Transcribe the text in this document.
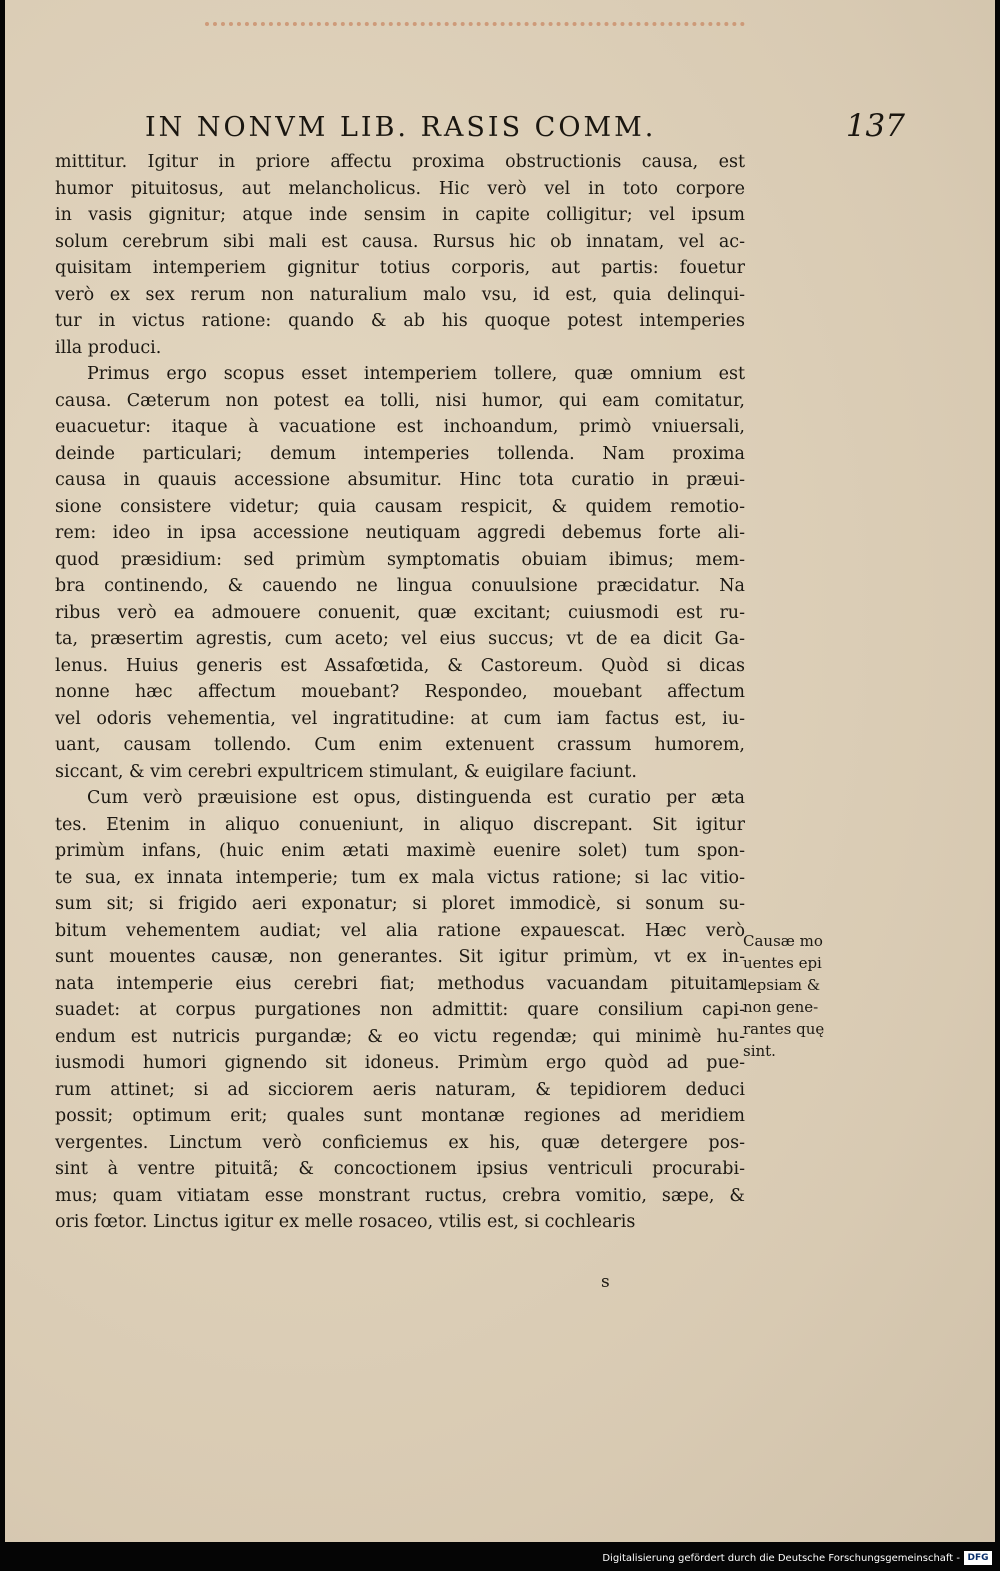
IN NONVM LIB. RASIS COMM.	137
mittitur. Igitur in priore affectu proxima obstructionis causa, est
humor pituitosus, aut melancholicus. Hic verò vel in toto corpore
in vasis gignitur; atque inde sensim in capite colligitur; vel ipsum
solum cerebrum sibi mali est causa. Rursus hic ob innatam, vel ac-
quisitam intemperiem gignitur totius corporis, aut partis: fouetur
verò ex sex rerum non naturalium malo vsu, id est, quia delinqui-
tur in victus ratione: quando & ab his quoque potest intemperies
illa produci.
Primus ergo scopus esset intemperiem tollere, quæ omnium est
causa. Cæterum non potest ea tolli, nisi humor, qui eam comitatur,
euacuetur: itaque à vacuatione est inchoandum, primò vniuersali,
deinde particulari; demum intemperies tollenda. Nam proxima
causa in quauis accessione absumitur. Hinc tota curatio in præui-
sione consistere videtur; quia causam respicit, & quidem remotio-
rem: ideo in ipsa accessione neutiquam aggredi debemus forte ali-
quod præsidium: sed primùm symptomatis obuiam ibimus; mem-
bra continendo, & cauendo ne lingua conuulsione præcidatur. Na
ribus verò ea admouere conuenit, quæ excitant; cuiusmodi est ru-
ta, præsertim agrestis, cum aceto; vel eius succus; vt de ea dicit Ga-
lenus. Huius generis est Assafœtida, & Castoreum. Quòd si dicas
nonne hæc affectum mouebant? Respondeo, mouebant affectum
vel odoris vehementia, vel ingratitudine: at cum iam factus est, iu-
uant, causam tollendo. Cum enim extenuent crassum humorem,
siccant, & vim cerebri expultricem stimulant, & euigilare faciunt.
Cum verò præuisione est opus, distinguenda est curatio per æta
tes. Etenim in aliquo conueniunt, in aliquo discrepant. Sit igitur
primùm infans, (huic enim ætati maximè euenire solet) tum spon-
te sua, ex innata intemperie; tum ex mala victus ratione; si lac vitio-
sum sit; si frigido aeri exponatur; si ploret immodicè, si sonum su-
bitum vehementem audiat; vel alia ratione expauescat. Hæc verò
sunt mouentes causæ, non generantes. Sit igitur primùm, vt ex in-
nata intemperie eius cerebri fiat; methodus vacuandam pituitam
suadet: at corpus purgationes non admittit: quare consilium capi-
endum est nutricis purgandæ; & eo victu regendæ; qui minimè hu-
iusmodi humori gignendo sit idoneus. Primùm ergo quòd ad pue-
rum attinet; si ad sicciorem aeris naturam, & tepidiorem deduci
possit; optimum erit; quales sunt montanæ regiones ad meridiem
vergentes. Linctum verò conficiemus ex his, quæ detergere pos-
sint à ventre pituitã; & concoctionem ipsius ventriculi procurabi-
mus; quam vitiatam esse monstrant ructus, crebra vomitio, sæpe, &
oris fœtor. Linctus igitur ex melle rosaceo, vtilis est, si cochlearis
Causæ mo
uentes epi
lepsiam &
non gene-
rantes quę
sint.
s
Digitalisierung gefördert durch die Deutsche Forschungsgemeinschaft - DFG
